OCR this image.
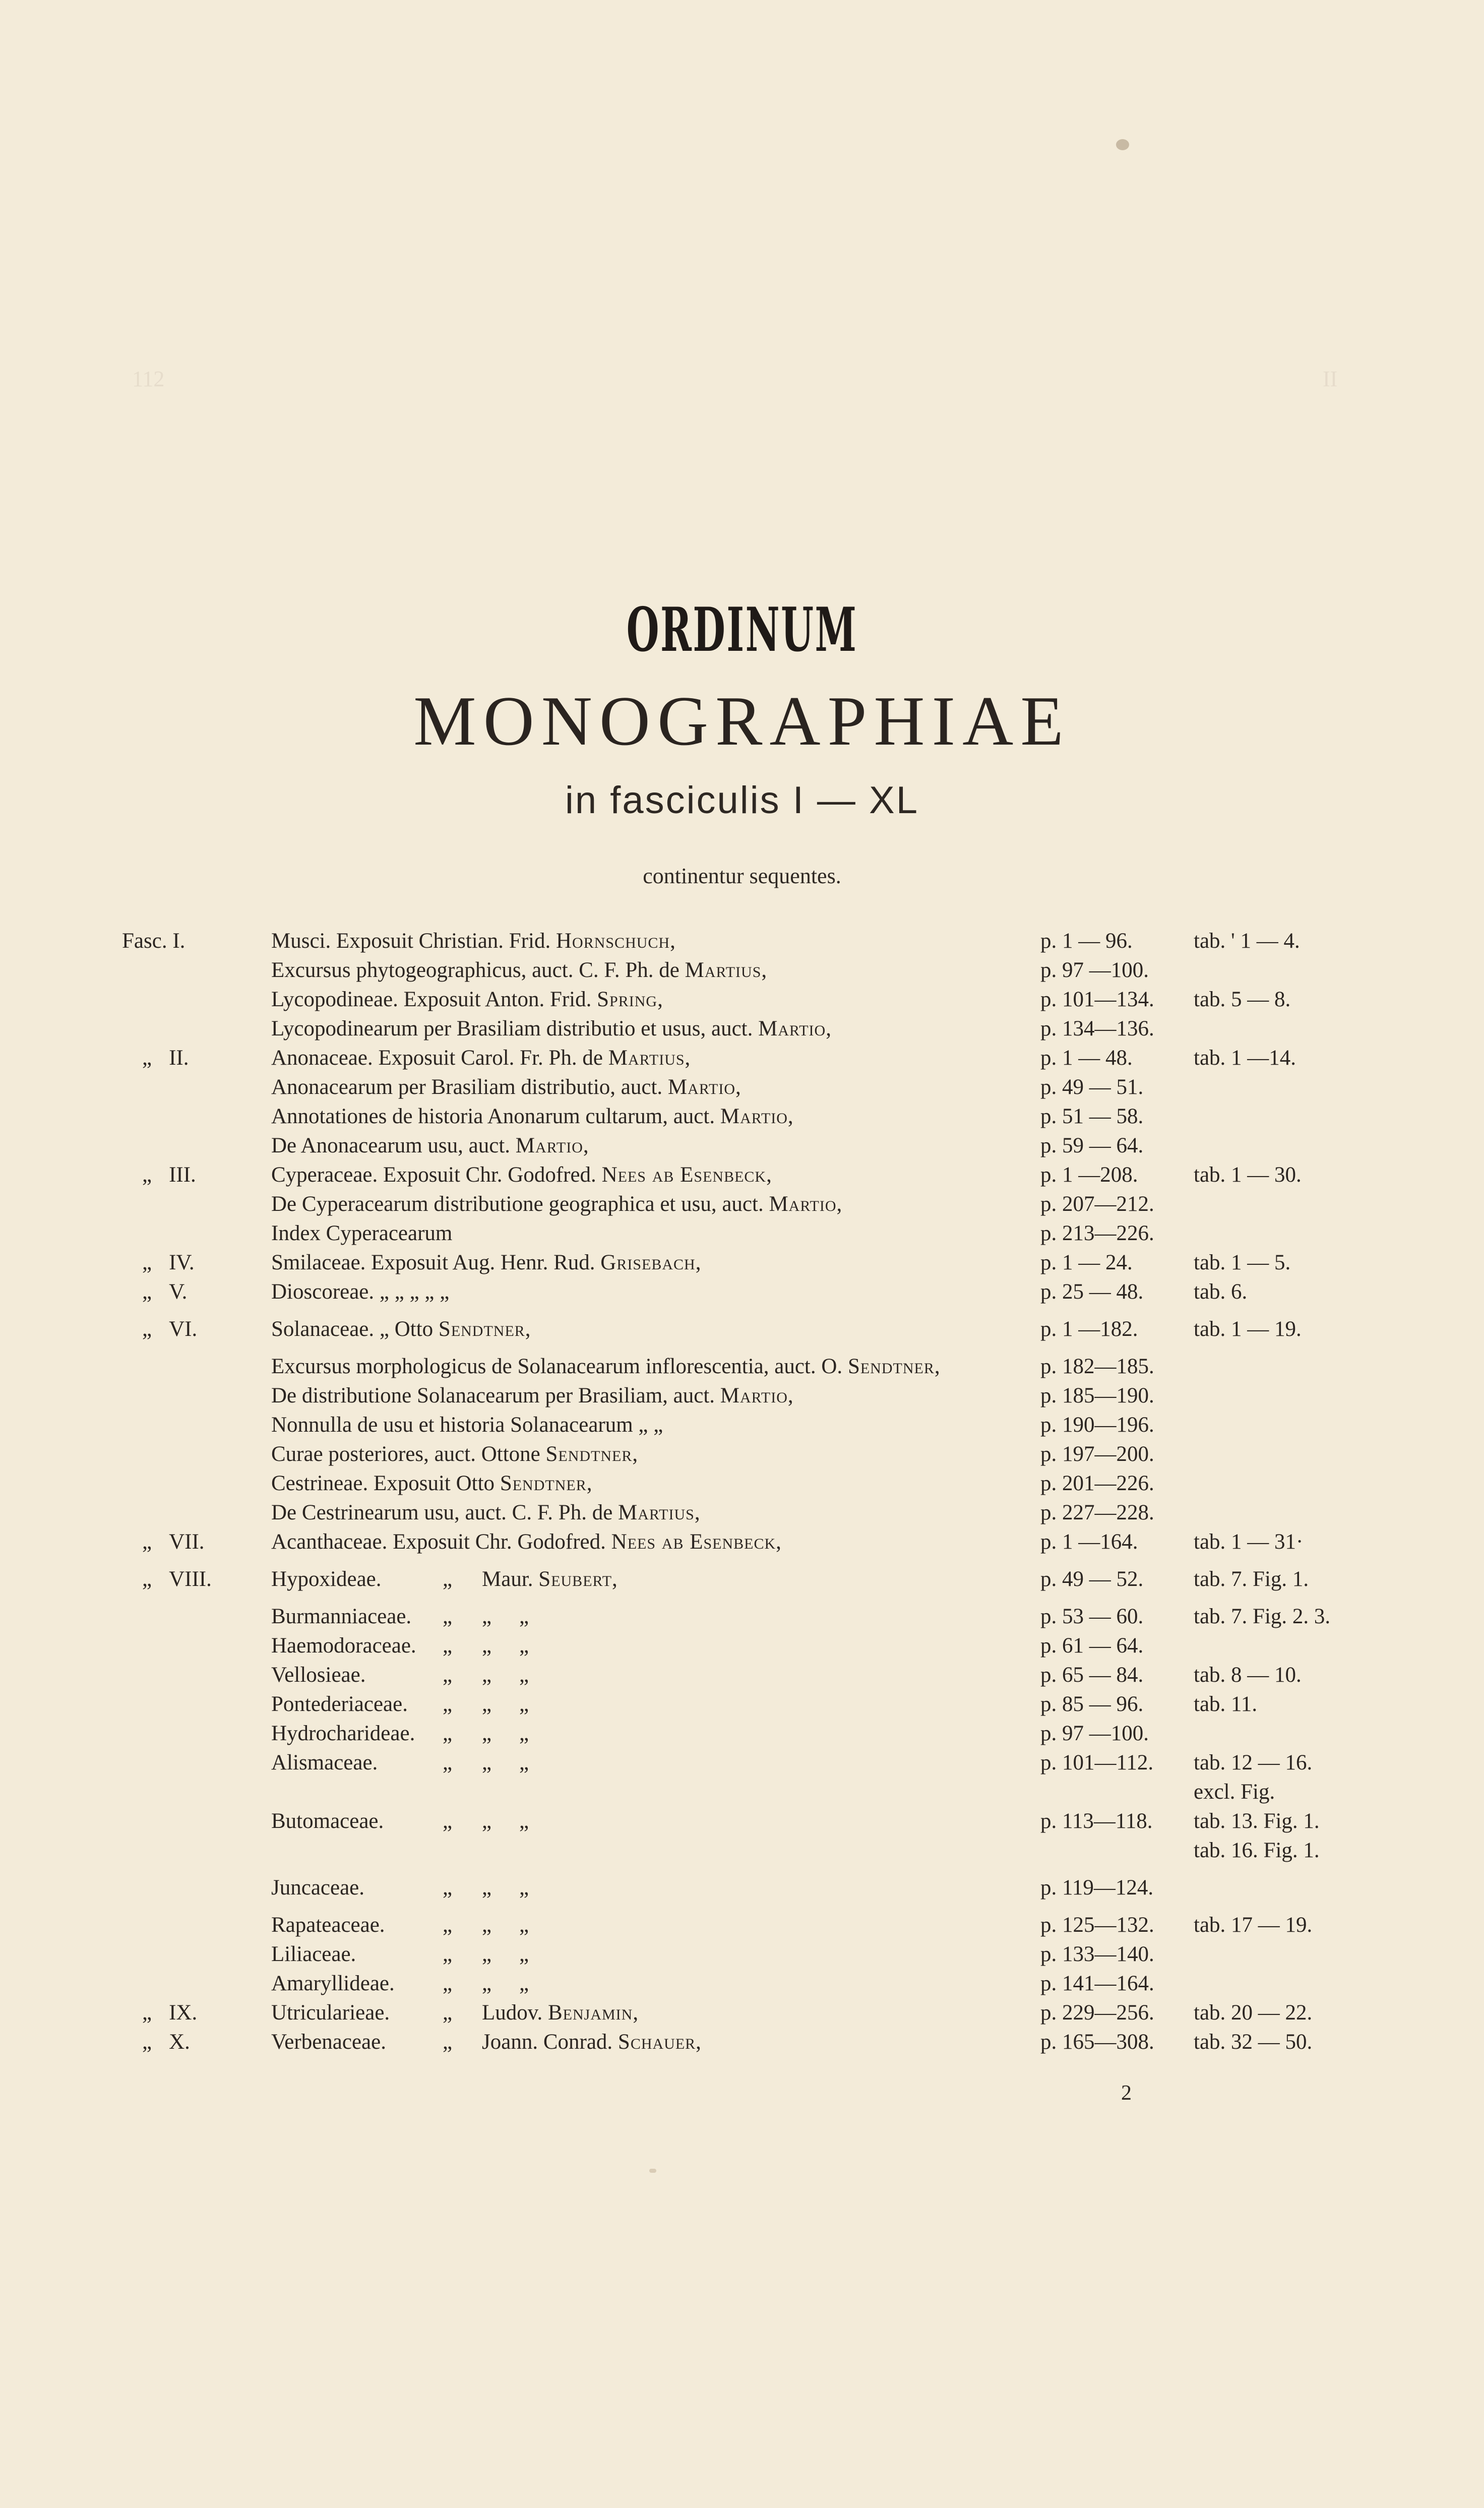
112	II
ORDINUM
MONOGRAPHIAE
in fasciculis I — XL
continentur sequentes.
Fasc. I.	Musci. Exposuit Christian. Frid. Hornschuch,	p. 1 — 96.	tab. ' 1 — 4.
Excursus phytogeographicus, auct. C. F. Ph. de Martius,	p. 97 —100.
Lycopodineae. Exposuit Anton. Frid. Spring,	p. 101—134. tab. 5 — 8.
Lycopodinearum per Brasiliam distributio et usus, auct. Martio,	p. 134—136.
„ II.	Anonaceae. Exposuit Carol. Fr. Ph. de Martius,	p. 1 — 48.	tab. 1 —14.
Anonacearum per Brasiliam distributio, auct. Martio,	p. 49 — 51.
Annotationes de historia Anonarum cultarum, auct. Martio,	p. 51 — 58.
De Anonacearum usu, auct. Martio,	p. 59 — 64.
„ III.	Cyperaceae. Exposuit Chr. Godofred. Nees ab Esenbeck,	p. 1 —208.	tab. 1 — 30.
De Cyperacearum distributione geographica et usu, auct. Martio,	p. 207—212.
Index Cyperacearum	p. 213—226.
„ IV.	Smilaceae. Exposuit Aug. Henr. Rud. Grisebach,	p. 1 — 24.	tab. 1 — 5.
„ V.	Dioscoreae. „ „ „ „ „	p. 25 — 48. tab. 6.
„ VI.	Solanaceae. „ Otto Sendtner,	p. 1 —182.	tab. 1 — 19.
Excursus morphologicus de Solanacearum inflorescentia, auct. O. Sendtner,	p. 182—185.
De distributione Solanacearum per Brasiliam, auct. Martio,	p. 185—190.
Nonnulla de usu et historia Solanacearum „ „	p. 190—196.
Curae posteriores, auct. Ottone Sendtner,	p. 197—200.
Cestrineae. Exposuit Otto Sendtner,	p. 201—226.
De Cestrinearum usu, auct. C. F. Ph. de Martius,	p. 227—228.
„ VII.	Acanthaceae. Exposuit Chr. Godofred. Nees ab Esenbeck,	p. 1 —164.	tab. 1 — 31·
„ VIII.	Hypoxideae.	„ Maur. Seubert,	p. 49 — 52. tab. 7. Fig. 1.
Burmanniaceae. „ „ „	p. 53 — 60. tab. 7. Fig. 2. 3.
Haemodoraceae. „ „ „	p. 61 — 64.
Vellosieae.	„ „ „	p. 65 — 84. tab. 8 — 10.
Pontederiaceae. „ „ „	p. 85 — 96. tab. 11.
Hydrocharideae. „ „ „	p. 97 —100.
Alismaceae.	„ „ „	p. 101—112. tab. 12 — 16.
excl. Fig.
Butomaceae.	„ „ „	p. 113—118. tab. 13. Fig. 1.
tab. 16. Fig. 1.
Juncaceae.	„ „ „	p. 119—124.
Rapateaceae.	„ „ „	p. 125—132. tab. 17 — 19.
Liliaceae.	„ „ „	p. 133—140.
Amaryllideae. „ „ „	p. 141—164.
„ IX.	Utricularieae. „ Ludov. Benjamin,	p. 229—256. tab. 20 — 22.
„ X.	Verbenaceae.	„ Joann. Conrad. Schauer,	p. 165—308. tab. 32 — 50.
2
